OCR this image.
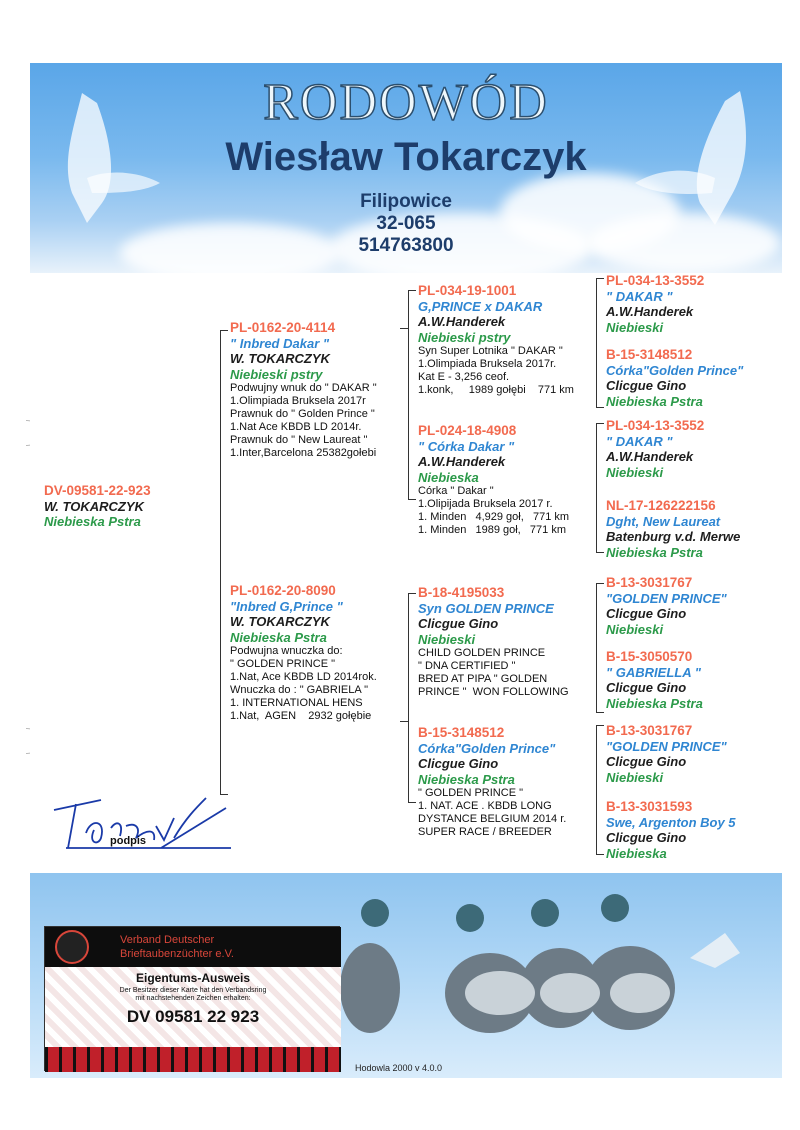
RODOWÓD
Wiesław Tokarczyk
Filipowice
32-065
514763800
DV-09581-22-923
W. TOKARCZYK
Niebieska Pstra
PL-0162-20-4114
" Inbred Dakar "
W. TOKARCZYK
Niebieski pstry
Podwujny wnuk do " DAKAR "
1.Olimpiada Bruksela 2017r
Prawnuk do " Golden Prince "
1.Nat Ace KBDB LD 2014r.
Prawnuk do " New Laureat "
1.Inter,Barcelona 25382gołebi
PL-0162-20-8090
"Inbred G,Prince "
W. TOKARCZYK
Niebieska Pstra
Podwujna wnuczka do:
" GOLDEN PRINCE "
1.Nat, Ace KBDB LD 2014rok.
Wnuczka do : " GABRIELA "
1. INTERNATIONAL HENS
1.Nat,  AGEN    2932 gołębie
PL-034-19-1001
G,PRINCE x DAKAR
A.W.Handerek
Niebieski pstry
Syn Super Lotnika " DAKAR "
1.Olimpiada Bruksela 2017r.
Kat E - 3,256 ceof.
1.konk,     1989 gołębi    771 km
PL-024-18-4908
" Córka Dakar "
A.W.Handerek
Niebieska
Córka " Dakar "
1.Olipijada Bruksela 2017 r.
1. Minden   4,929 goł,   771 km
1. Minden   1989 goł,   771 km
B-18-4195033
Syn GOLDEN PRINCE
Clicgue Gino
Niebieski
CHILD GOLDEN PRINCE
" DNA CERTIFIED "
BRED AT PIPA " GOLDEN
PRINCE "  WON FOLLOWING
B-15-3148512
Córka"Golden Prince"
Clicgue Gino
Niebieska Pstra
" GOLDEN PRINCE "
1. NAT. ACE . KBDB LONG
DYSTANCE BELGIUM 2014 r.
SUPER RACE / BREEDER
PL-034-13-3552
" DAKAR "
A.W.Handerek
Niebieski
B-15-3148512
Córka"Golden Prince"
Clicgue Gino
Niebieska Pstra
PL-034-13-3552
" DAKAR "
A.W.Handerek
Niebieski
NL-17-126222156
Dght, New Laureat
Batenburg v.d. Merwe
Niebieska Pstra
B-13-3031767
"GOLDEN PRINCE"
Clicgue Gino
Niebieski
B-15-3050570
" GABRIELLA "
Clicgue Gino
Niebieska Pstra
B-13-3031767
"GOLDEN PRINCE"
Clicgue Gino
Niebieski
B-13-3031593
Swe, Argenton Boy 5
Clicgue Gino
Niebieska
Hodowla 2000 v 4.0.0
podpis
Verband Deutscher
Brieftaubenzüchter e.V.
Eigentums-Ausweis
Der Besitzer dieser Karte hat den Verbandsring
mit nachstehenden Zeichen erhalten:
DV 09581 22 923
